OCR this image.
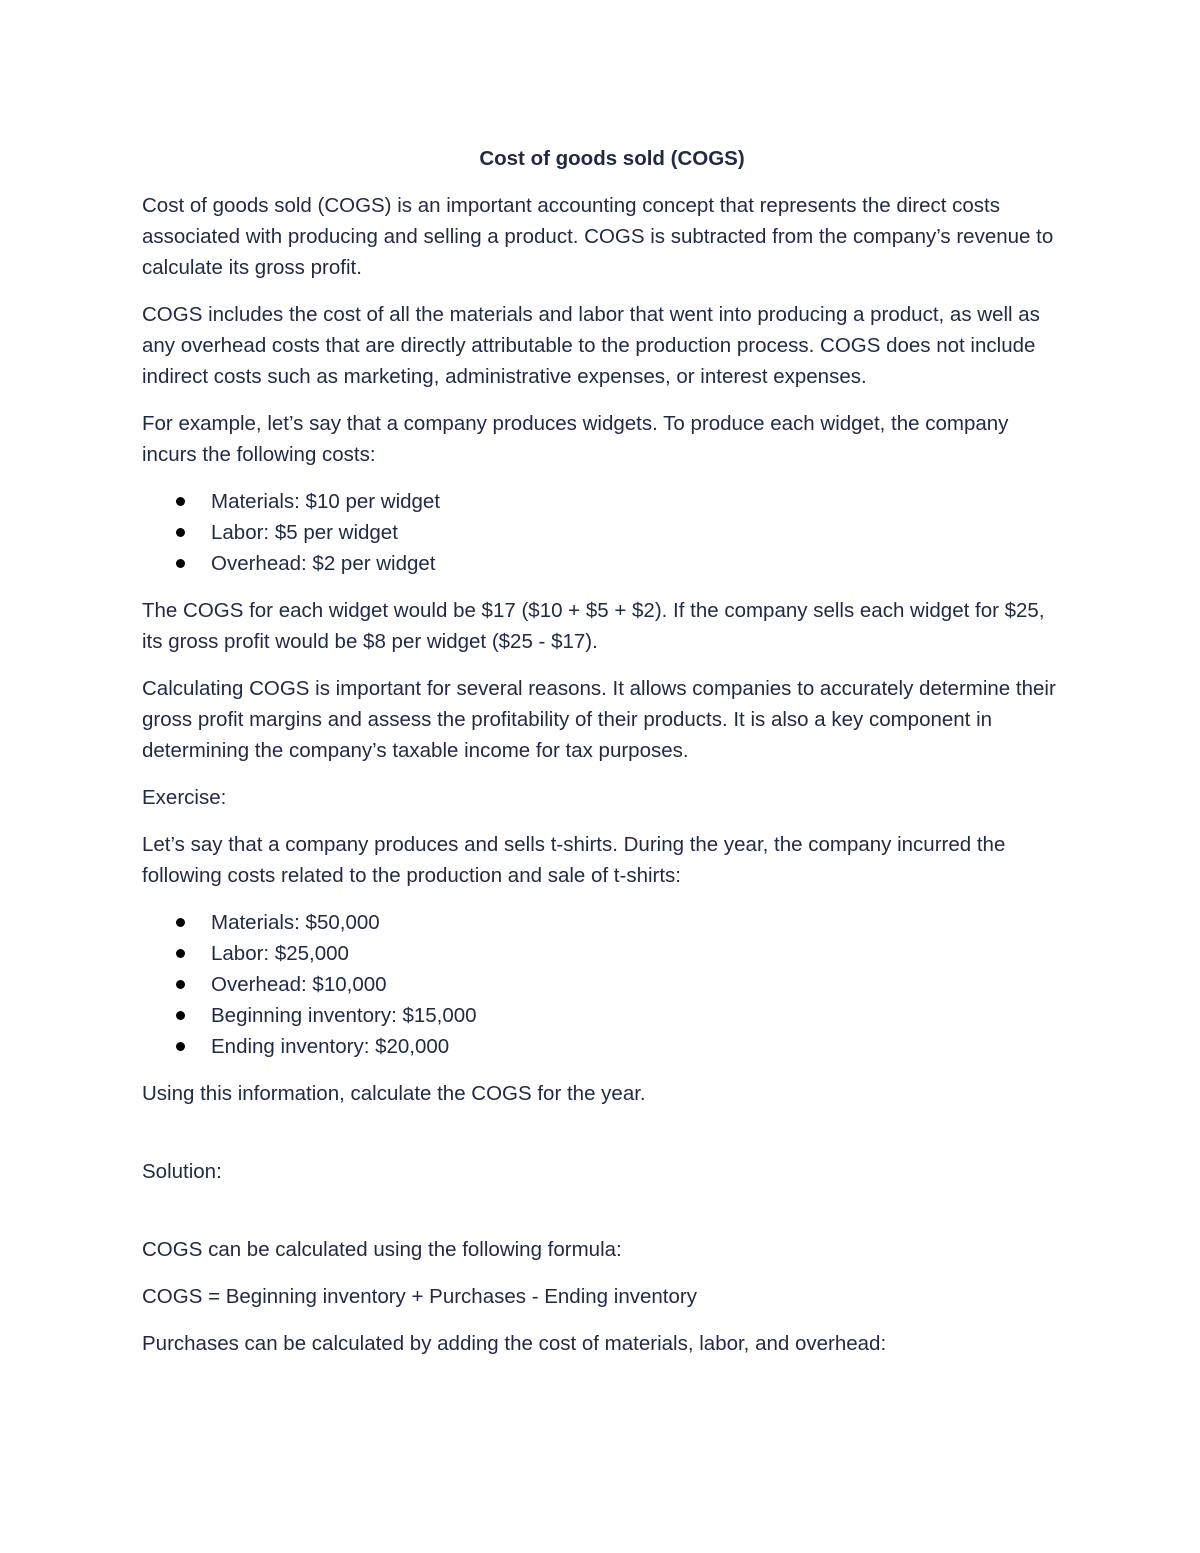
Cost of goods sold (COGS)

Cost of goods sold (COGS) is an important accounting concept that represents the direct costs associated with producing and selling a product. COGS is subtracted from the company’s revenue to calculate its gross profit.

COGS includes the cost of all the materials and labor that went into producing a product, as well as any overhead costs that are directly attributable to the production process. COGS does not include indirect costs such as marketing, administrative expenses, or interest expenses.

For example, let’s say that a company produces widgets. To produce each widget, the company incurs the following costs:

Materials: $10 per widget
Labor: $5 per widget
Overhead: $2 per widget

The COGS for each widget would be $17 ($10 + $5 + $2). If the company sells each widget for $25, its gross profit would be $8 per widget ($25 - $17).

Calculating COGS is important for several reasons. It allows companies to accurately determine their gross profit margins and assess the profitability of their products. It is also a key component in determining the company’s taxable income for tax purposes.

Exercise:

Let’s say that a company produces and sells t-shirts. During the year, the company incurred the following costs related to the production and sale of t-shirts:

Materials: $50,000
Labor: $25,000
Overhead: $10,000
Beginning inventory: $15,000
Ending inventory: $20,000

Using this information, calculate the COGS for the year.

Solution:

COGS can be calculated using the following formula:

COGS = Beginning inventory + Purchases - Ending inventory

Purchases can be calculated by adding the cost of materials, labor, and overhead:
